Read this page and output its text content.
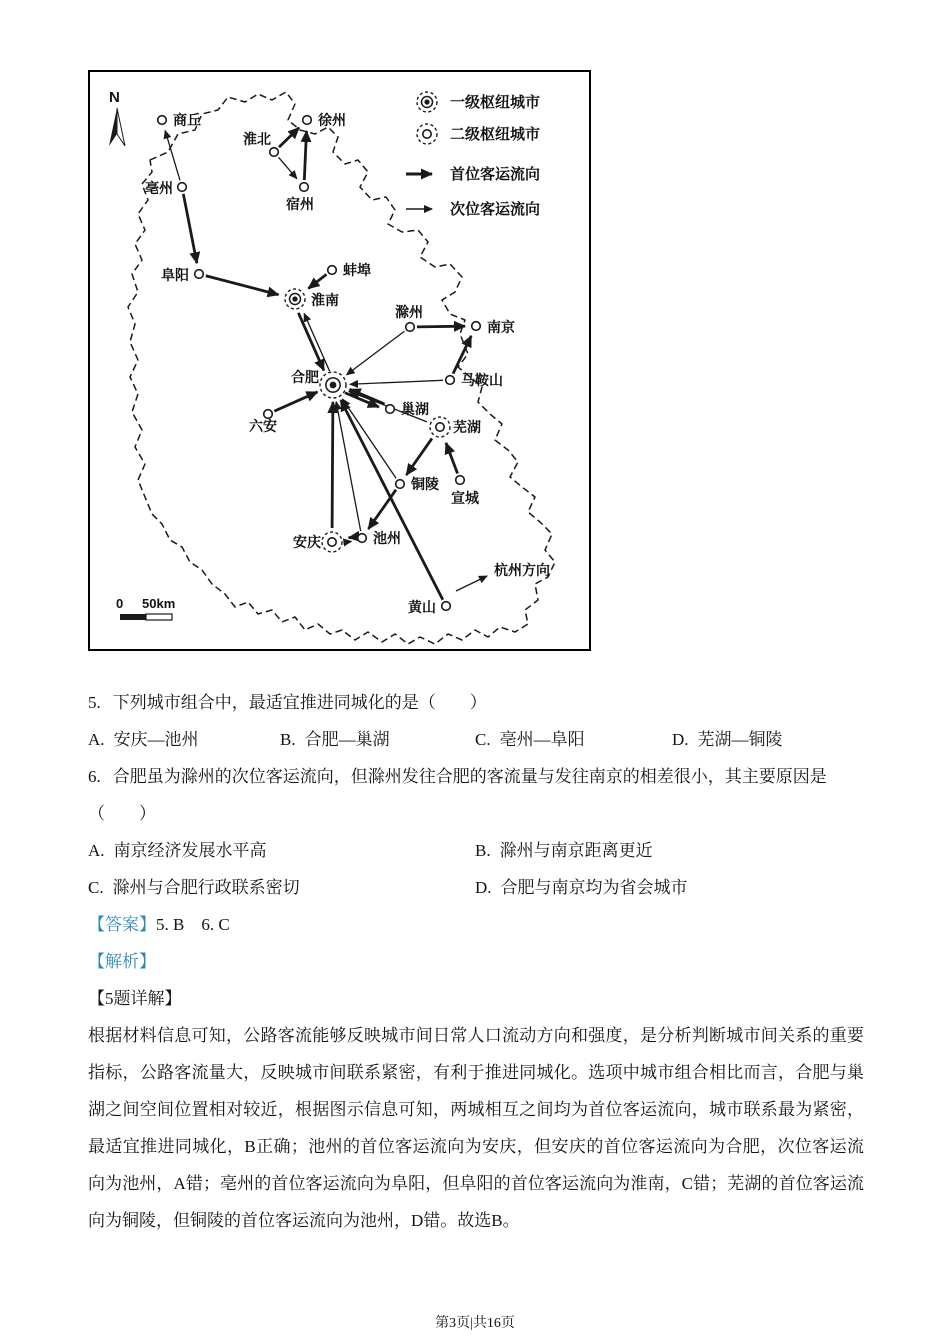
商丘	徐州
淮北
宿州
亳州
阜阳	蚌埠
淮南
滁州
南京
合肥	马鞍山
六安
巢湖
芜湖
铜陵
宣城
安庆	池州
黄山
一级枢纽城市
二级枢纽城市
首位客运流向
次位客运流向
N
0 50km
杭州方向
5. 下列城市组合中，最适宜推进同城化的是（　　）
A. 安庆—池州	B. 合肥—巢湖	C. 亳州—阜阳	D. 芜湖—铜陵
6. 合肥虽为滁州的次位客运流向，但滁州发往合肥的客流量与发往南京的相差很小，其主要原因是
（　　）
A. 南京经济发展水平高	B. 滁州与南京距离更近
C. 滁州与合肥行政联系密切	D. 合肥与南京均为省会城市
【答案】5. B　6. C
【解析】
【5题详解】
根据材料信息可知，公路客流能够反映城市间日常人口流动方向和强度，是分析判断城市间关系的重要指标，公路客流量大，反映城市间联系紧密，有利于推进同城化。选项中城市组合相比而言，合肥与巢湖之间空间位置相对较近，根据图示信息可知，两城相互之间均为首位客运流向，城市联系最为紧密，最适宜推进同城化，B正确；池州的首位客运流向为安庆，但安庆的首位客运流向为合肥，次位客运流向为池州，A错；亳州的首位客运流向为阜阳，但阜阳的首位客运流向为淮南，C错；芜湖的首位客运流向为铜陵，但铜陵的首位客运流向为池州，D错。故选B。
第3页|共16页
